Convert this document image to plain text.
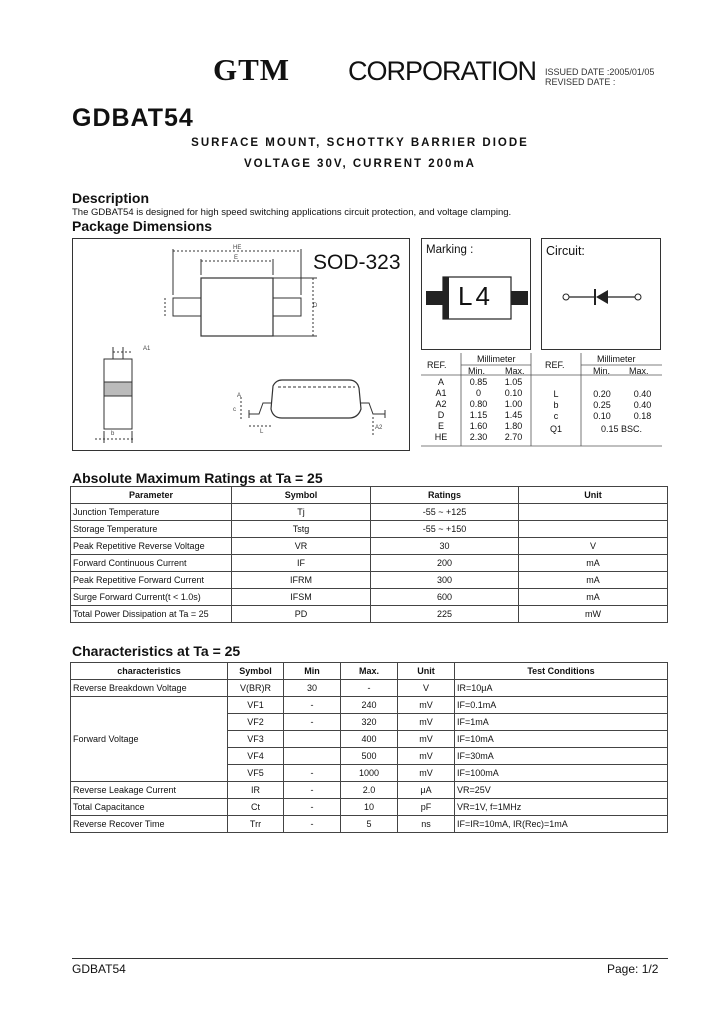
GTM CORPORATION ISSUED DATE :2005/01/05
REVISED DATE :
GDBAT54
SURFACE MOUNT, SCHOTTKY BARRIER DIODE
VOLTAGE 30V, CURRENT 200mA
Description
The GDBAT54 is designed for high speed switching applications circuit protection, and voltage clamping.
Package Dimensions
HE
E
D
A1
b
c
L
A
A2
SOD-323
Marking :
L4
Circuit:
REF.
Millimeter
Min. Max.
REF.
Millimeter
Min. Max.
A	0.85	1.05
A1	0	0.10
A2	0.80	1.00
D	1.15	1.45
E	1.60	1.80
HE	2.30	2.70
L	0.20	0.40
b	0.25	0.40
c	0.10	0.18
Q1	0.15 BSC.	
Absolute Maximum Ratings at Ta = 25
Parameter	Symbol	Ratings	Unit
Junction Temperature	Tj	-55 ~ +125	
Storage Temperature	Tstg	-55 ~ +150	
Peak Repetitive Reverse Voltage	VR	30	V
Forward Continuous Current	IF	200	mA
Peak Repetitive Forward Current	IFRM	300	mA
Surge Forward Current(t < 1.0s)	IFSM	600	mA
Total Power Dissipation at Ta = 25	PD	225	mW
Characteristics at Ta = 25
characteristics	Symbol	Min	Max.	Unit	Test Conditions
Reverse Breakdown Voltage	V(BR)R	30	-	V	IR=10μA
Forward Voltage	VF1	-	240	mV	IF=0.1mA
	VF2	-	320	mV	IF=1mA
	VF3		400	mV	IF=10mA
	VF4		500	mV	IF=30mA
	VF5	-	1000	mV	IF=100mA
Reverse Leakage Current	IR	-	2.0	μA	VR=25V
Total Capacitance	Ct	-	10	pF	VR=1V, f=1MHz
Reverse Recover Time	Trr	-	5	ns	IF=IR=10mA, IR(Rec)=1mA
GDBAT54	Page: 1/2
